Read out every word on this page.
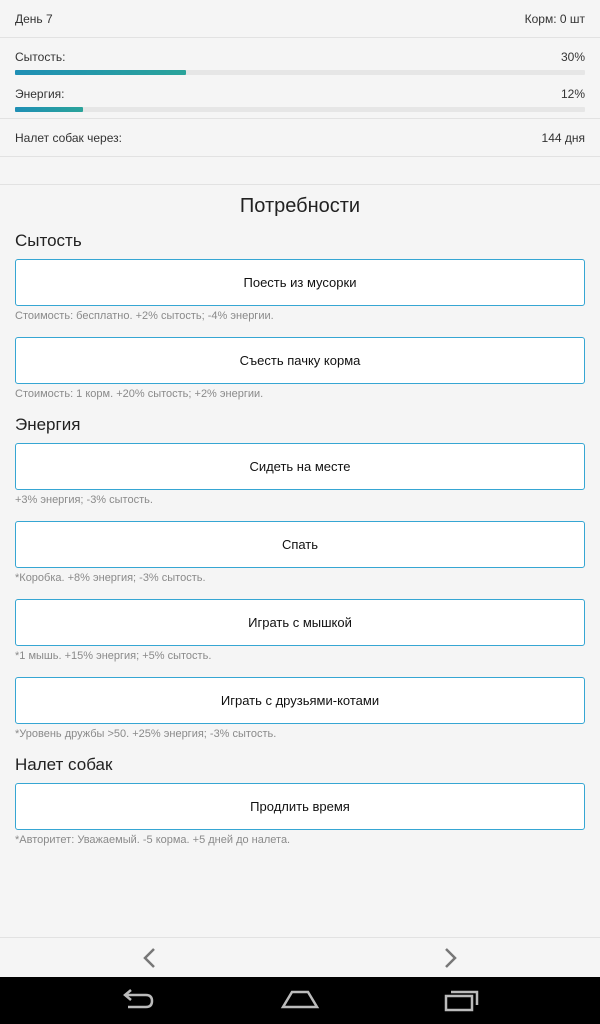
День 7	Корм: 0 шт
Сытость:	30%
Энергия:	12%
Налет собак через:	144 дня
Потребности
Сытость
Поесть из мусорки
Стоимость: бесплатно. +2% сытость; -4% энергии.
Съесть пачку корма
Стоимость: 1 корм. +20% сытость; +2% энергии.
Энергия
Сидеть на месте
+3% энергия; -3% сытость.
Спать
*Коробка. +8% энергия; -3% сытость.
Играть с мышкой
*1 мышь. +15% энергия; +5% сытость.
Играть с друзьями-котами
*Уровень дружбы >50. +25% энергия; -3% сытость.
Налет собак
Продлить время
*Авторитет: Уважаемый. -5 корма. +5 дней до налета.
